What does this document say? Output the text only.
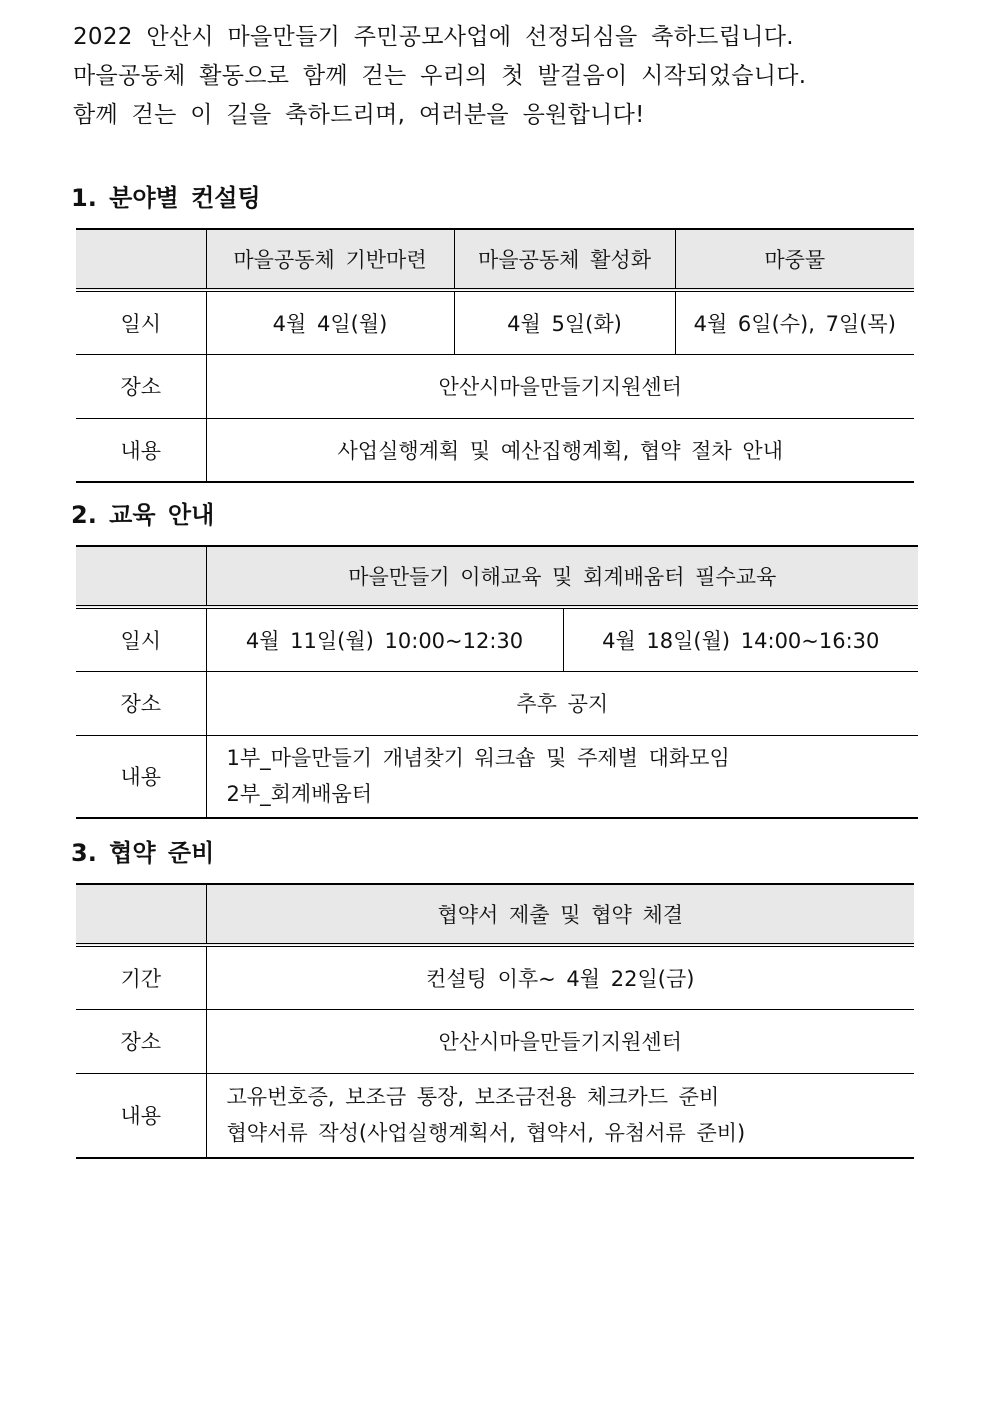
2022 안산시 마을만들기 주민공모사업에 선정되심을 축하드립니다.

마을공동체 활동으로 함께 걷는 우리의 첫 발걸음이 시작되었습니다.

함께 걷는 이 길을 축하드리며, 여러분을 응원합니다!

1. 분야별 컨설팅
	마을공동체 기반마련	마을공동체 활성화	마중물
일시	4월 4일(월)	4월 5일(화)	4월 6일(수), 7일(목)
장소	안산시마을만들기지원센터		
내용	사업실행계획 및 예산집행계획, 협약 절차 안내		
2. 교육 안내
	마을만들기 이해교육 및 회계배움터 필수교육	
일시	4월 11일(월) 10:00~12:30	4월 18일(월) 14:00~16:30
장소	추후 공지	
내용	1부_마을만들기 개념찾기 워크숍 및 주제별 대화모임
2부_회계배움터	
3. 협약 준비
	협약서 제출 및 협약 체결
기간	컨설팅 이후~ 4월 22일(금)
장소	안산시마을만들기지원센터
내용	고유번호증, 보조금 통장, 보조금전용 체크카드 준비
협약서류 작성(사업실행계획서, 협약서, 유첨서류 준비)
